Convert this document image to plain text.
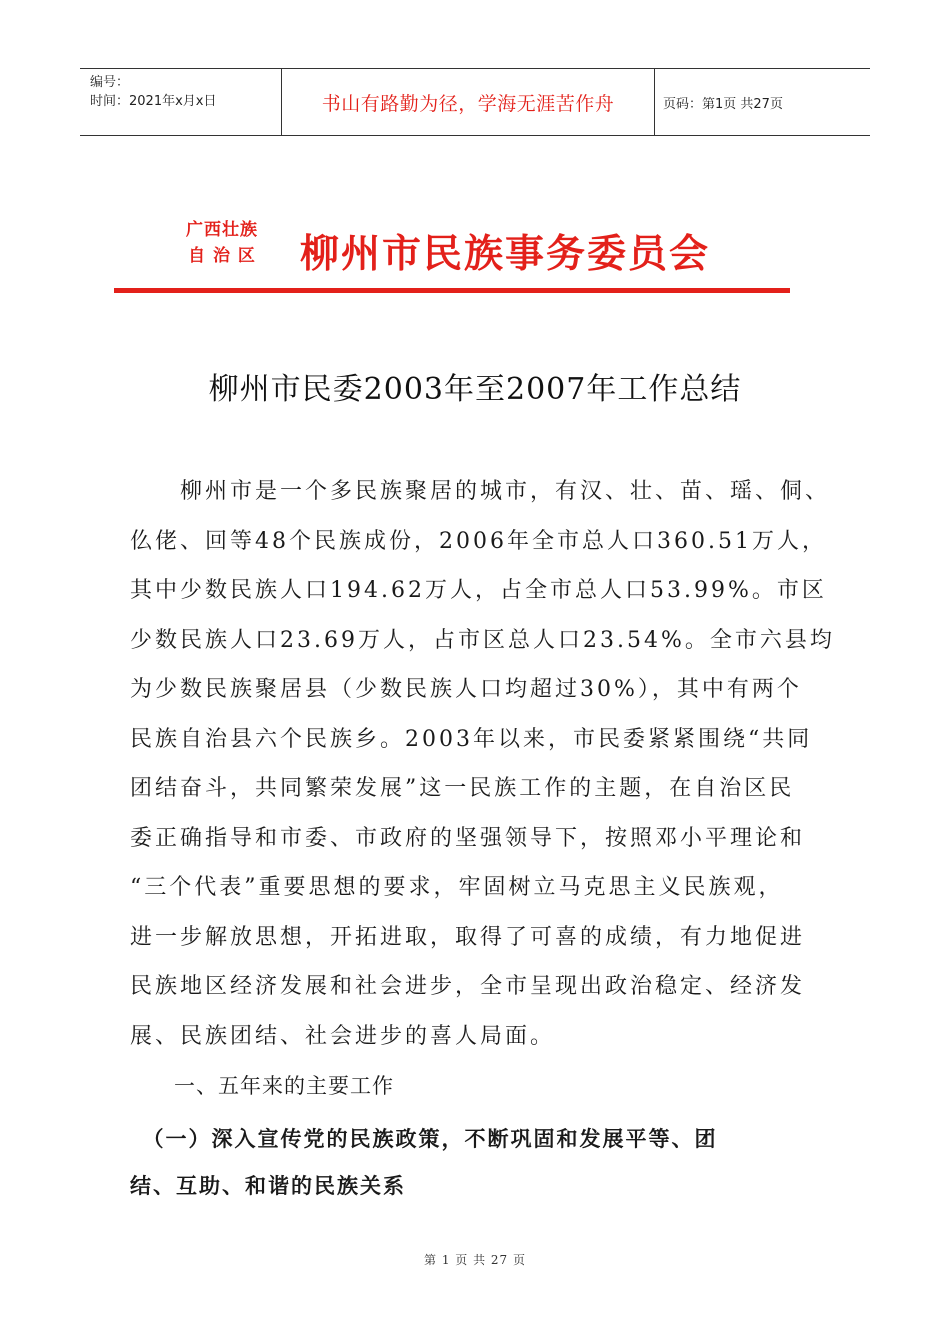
编号：
时间：2021年x月x日	书山有路勤为径，学海无涯苦作舟	页码：第1页 共27页
广西壮族
自 治 区	柳州市民族事务委员会
柳州市民委2003年至2007年工作总结
　　柳州市是一个多民族聚居的城市，有汉、壮、苗、瑶、侗、
仫佬、回等48个民族成份，2006年全市总人口360.51万人，
其中少数民族人口194.62万人，占全市总人口53.99%。市区
少数民族人口23.69万人，占市区总人口23.54%。全市六县均
为少数民族聚居县（少数民族人口均超过30%），其中有两个
民族自治县六个民族乡。2003年以来，市民委紧紧围绕“共同
团结奋斗，共同繁荣发展”这一民族工作的主题，在自治区民
委正确指导和市委、市政府的坚强领导下，按照邓小平理论和
“三个代表”重要思想的要求，牢固树立马克思主义民族观，
进一步解放思想，开拓进取，取得了可喜的成绩，有力地促进
民族地区经济发展和社会进步，全市呈现出政治稳定、经济发
展、民族团结、社会进步的喜人局面。
　　一、五年来的主要工作
　（一）深入宣传党的民族政策，不断巩固和发展平等、团
结、互助、和谐的民族关系
第 1 页 共 27 页
